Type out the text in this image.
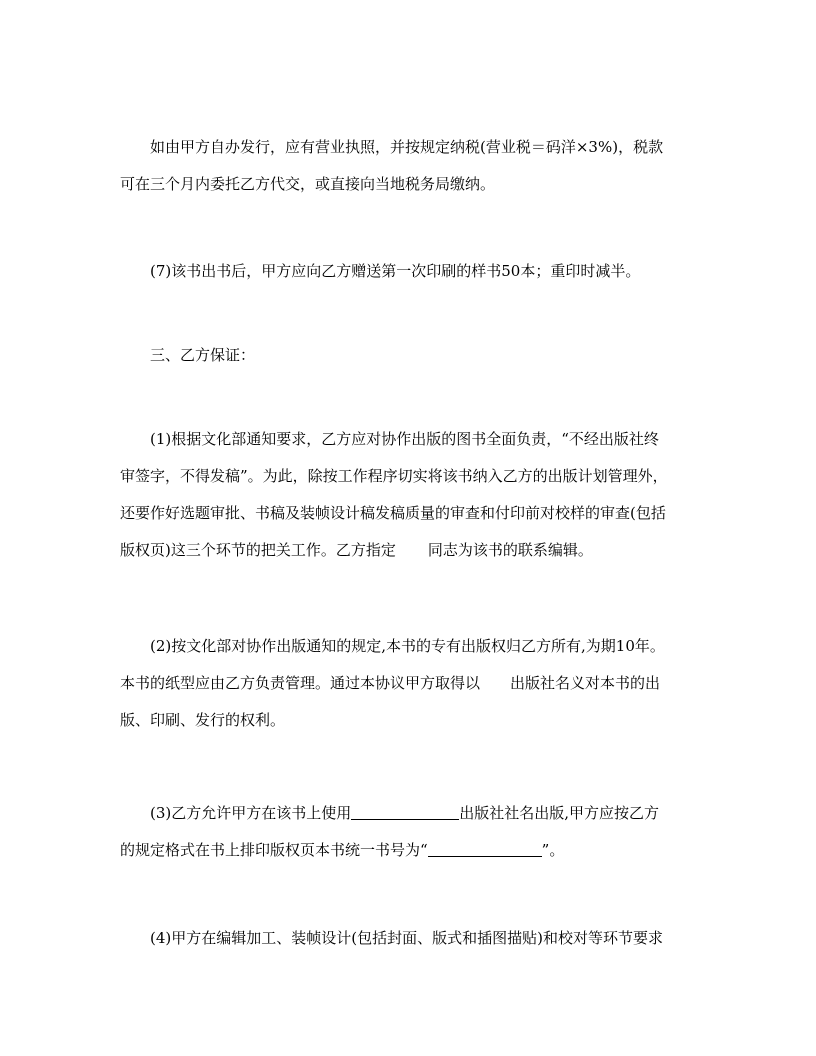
如由甲方自办发行，应有营业执照，并按规定纳税(营业税＝码洋×3%)，税款
可在三个月内委托乙方代交，或直接向当地税务局缴纳。
(7)该书出书后，甲方应向乙方赠送第一次印刷的样书50本；重印时减半。
三、乙方保证：
(1)根据文化部通知要求，乙方应对协作出版的图书全面负责，“不经出版社终
审签字，不得发稿”。为此，除按工作程序切实将该书纳入乙方的出版计划管理外，
还要作好选题审批、书稿及装帧设计稿发稿质量的审查和付印前对校样的审查(包括
版权页)这三个环节的把关工作。乙方指定 同志为该书的联系编辑。
(2)按文化部对协作出版通知的规定,本书的专有出版权归乙方所有,为期10年。
本书的纸型应由乙方负责管理。通过本协议甲方取得以 出版社名义对本书的出
版、印刷、发行的权利。
(3)乙方允许甲方在该书上使用	出版社社名出版,甲方应按乙方
的规定格式在书上排印版权页本书统一书号为“	”。
(4)甲方在编辑加工、装帧设计(包括封面、版式和插图描贴)和校对等环节要求
